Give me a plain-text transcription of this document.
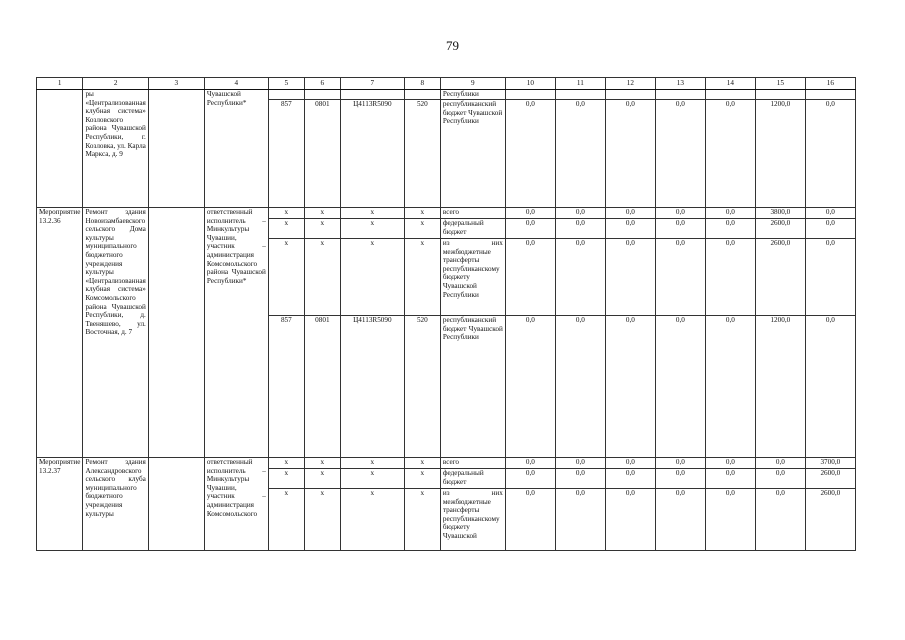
79
1	2	3	4	5	6	7	8	9	10	11	12	13	14	15	16
	ры «Централизованная клубная система» Козловского района Чувашской Республики, г. Козловка, ул. Карла Маркса, д. 9		Чувашской Республики*					Республики							
				857	0801	Ц4113R5090	520	республиканский бюджет Чувашской Республики	0,0	0,0	0,0	0,0	0,0	1200,0	0,0
Мероприятие 13.2.36	Ремонт здания Новоизамбаевского сельского Дома культуры муниципального бюджетного учреждения культуры «Централизованная клубная система» Комсомольского района Чувашской Республики, д. Твеняшево, ул. Восточная, д. 7		ответственный исполнитель – Минкультуры Чувашии, участник – администрация Комсомольского района Чувашской Республики*	x	x	x	x	всего	0,0	0,0	0,0	0,0	0,0	3800,0	0,0
				x	x	x	x	федеральный бюджет	0,0	0,0	0,0	0,0	0,0	2600,0	0,0
				x	x	x	x	из них межбюджетные трансферты республиканскому бюджету Чувашской Республики	0,0	0,0	0,0	0,0	0,0	2600,0	0,0
				857	0801	Ц4113R5090	520	республиканский бюджет Чувашской Республики	0,0	0,0	0,0	0,0	0,0	1200,0	0,0
Мероприятие 13.2.37	Ремонт здания Александровского сельского клуба муниципального бюджетного учреждения культуры		ответственный исполнитель – Минкультуры Чувашии, участник – администрация Комсомольского	x	x	x	x	всего	0,0	0,0	0,0	0,0	0,0	0,0	3700,0
				x	x	x	x	федеральный бюджет	0,0	0,0	0,0	0,0	0,0	0,0	2600,0
				x	x	x	x	из них межбюджетные трансферты республиканскому бюджету Чувашской	0,0	0,0	0,0	0,0	0,0	0,0	2600,0
